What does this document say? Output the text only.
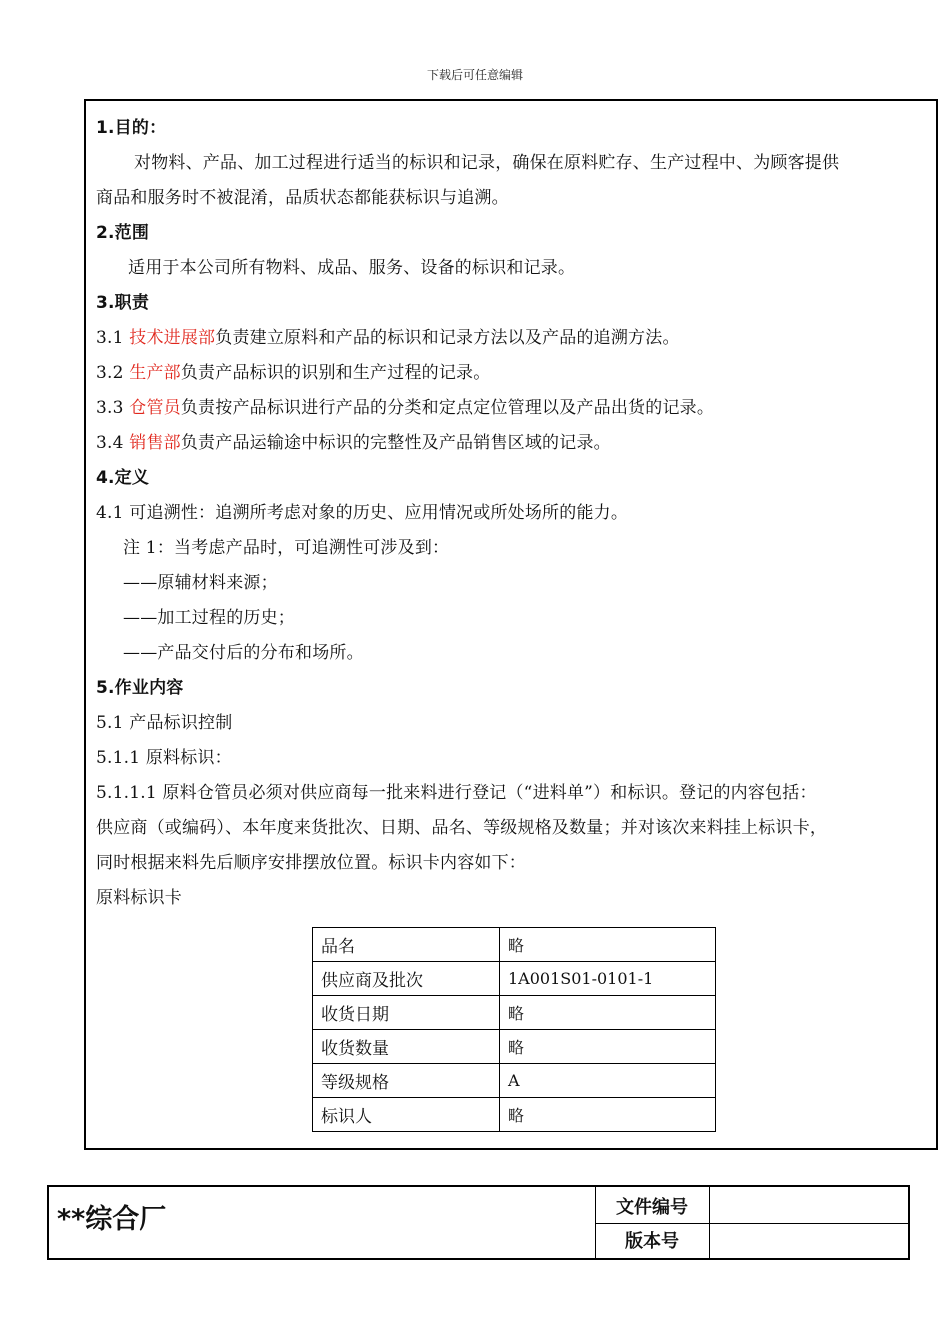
下载后可任意编辑
1.目的：
对物料、产品、加工过程进行适当的标识和记录，确保在原料贮存、生产过程中、为顾客提供
商品和服务时不被混淆，品质状态都能获标识与追溯。
2.范围
适用于本公司所有物料、成品、服务、设备的标识和记录。
3.职责
3.1 技术进展部负责建立原料和产品的标识和记录方法以及产品的追溯方法。
3.2 生产部负责产品标识的识别和生产过程的记录。
3.3 仓管员负责按产品标识进行产品的分类和定点定位管理以及产品出货的记录。
3.4 销售部负责产品运输途中标识的完整性及产品销售区域的记录。
4.定义
4.1 可追溯性：追溯所考虑对象的历史、应用情况或所处场所的能力。
注 1：当考虑产品时，可追溯性可涉及到：
——原辅材料来源；
——加工过程的历史；
——产品交付后的分布和场所。
5.作业内容
5.1 产品标识控制
5.1.1 原料标识：
5.1.1.1 原料仓管员必须对供应商每一批来料进行登记（“进料单”）和标识。登记的内容包括：
供应商（或编码）、本年度来货批次、日期、品名、等级规格及数量；并对该次来料挂上标识卡，
同时根据来料先后顺序安排摆放位置。标识卡内容如下：
原料标识卡
品名	略
供应商及批次	1A001S01-0101-1
收货日期	略
收货数量	略
等级规格	A
标识人	略
**综合厂	文件编号
版本号
